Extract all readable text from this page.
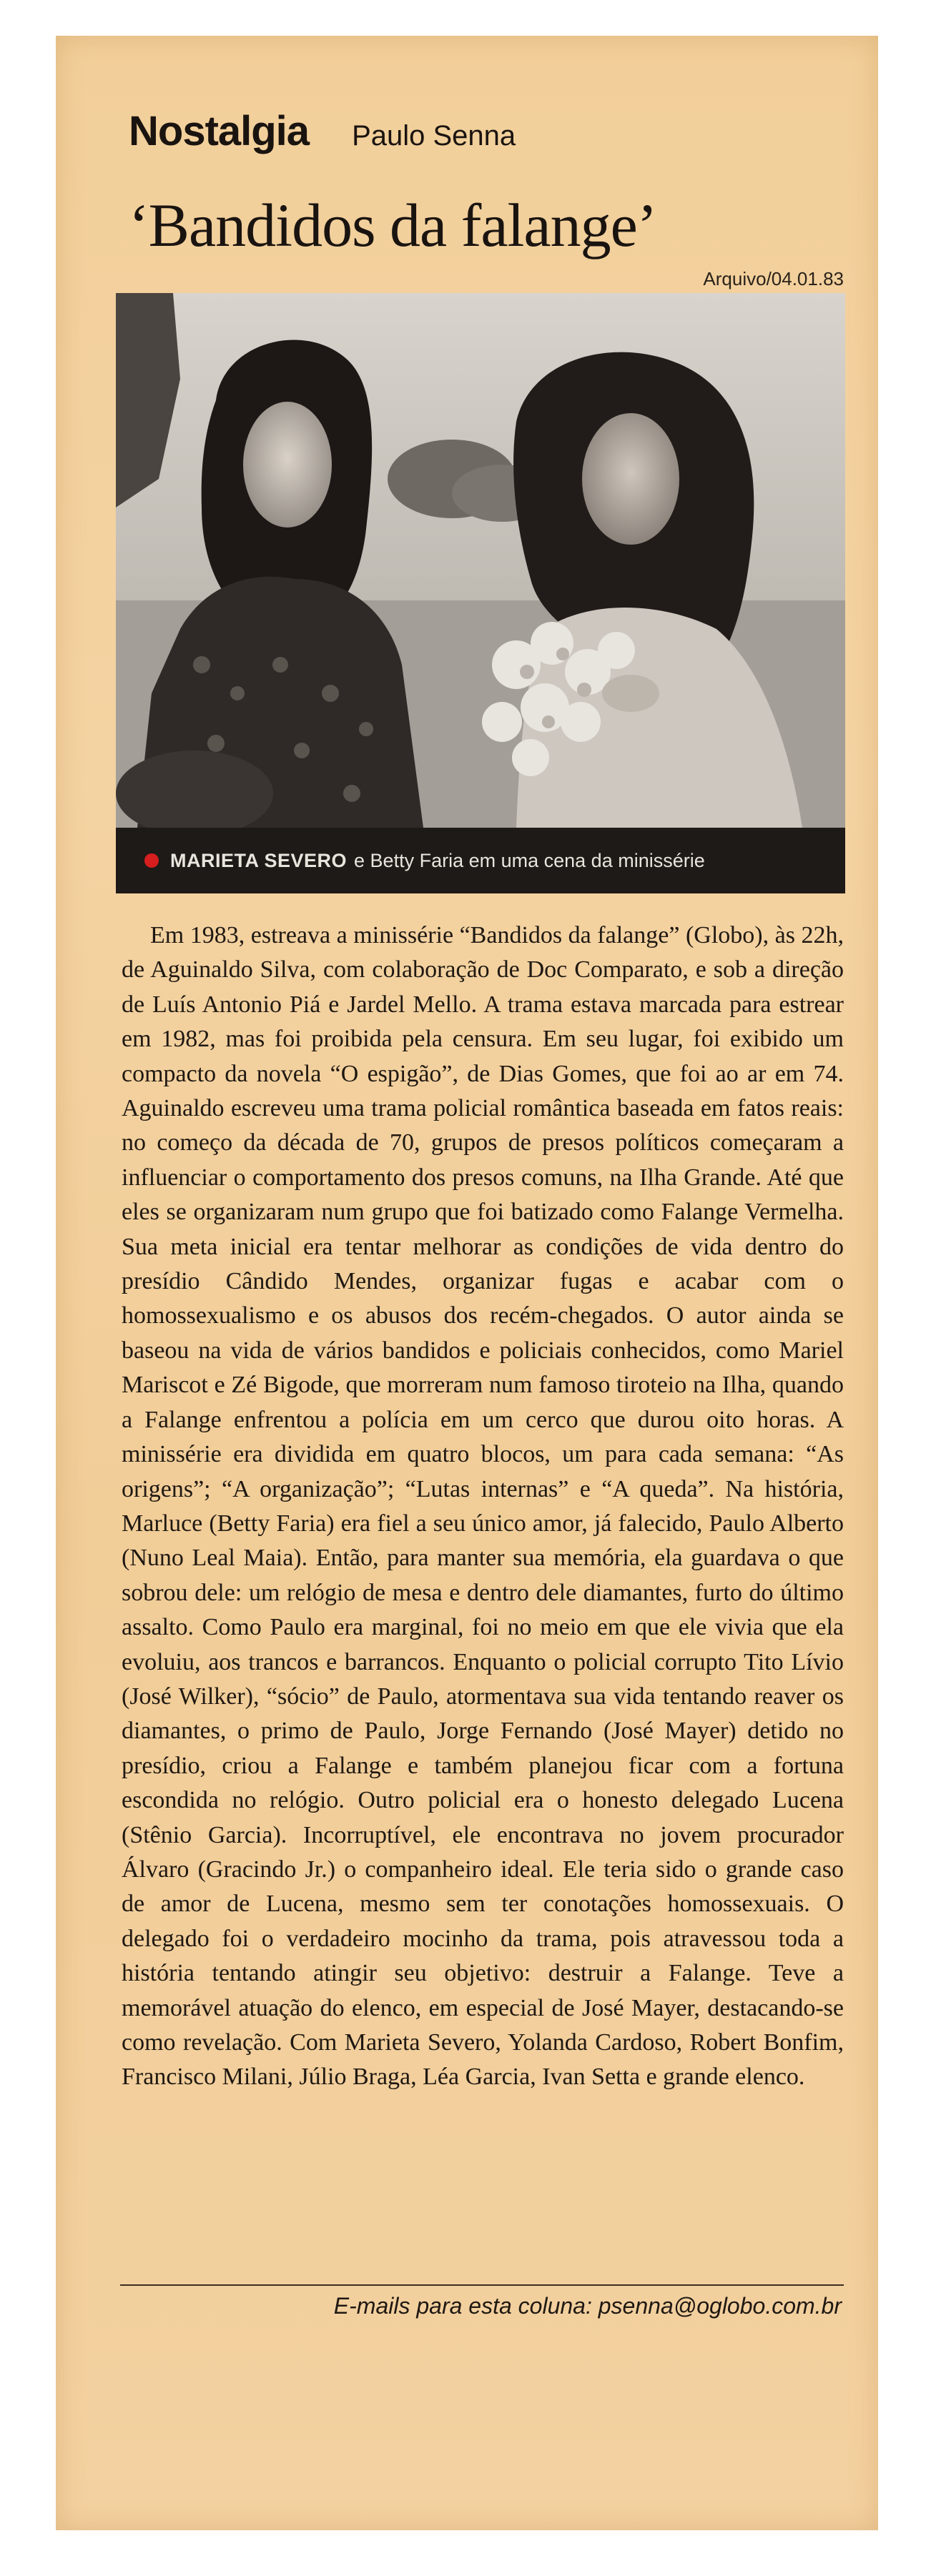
Nostalgia Paulo Senna
‘Bandidos da falange’
Arquivo/04.01.83
MARIETA SEVERO e Betty Faria em uma cena da minissérie
Em 1983, estreava a minissérie “Bandidos da falange” (Globo), às 22h, de Aguinaldo Silva, com colaboração de Doc Comparato, e sob a direção de Luís Antonio Piá e Jardel Mello. A trama estava marcada para estrear em 1982, mas foi proibida pela censura. Em seu lugar, foi exibido um compacto da novela “O espigão”, de Dias Gomes, que foi ao ar em 74. Aguinaldo escreveu uma trama policial romântica baseada em fatos reais: no começo da década de 70, grupos de presos políticos começaram a influenciar o comportamento dos presos comuns, na Ilha Grande. Até que eles se organizaram num grupo que foi batizado como Falange Vermelha. Sua meta inicial era tentar melhorar as condições de vida dentro do presídio Cândido Mendes, organizar fugas e acabar com o homossexualismo e os abusos dos recém-chegados. O autor ainda se baseou na vida de vários bandidos e policiais conhecidos, como Mariel Mariscot e Zé Bigode, que morreram num famoso tiroteio na Ilha, quando a Falange enfrentou a polícia em um cerco que durou oito horas. A minissérie era dividida em quatro blocos, um para cada semana: “As origens”; “A organização”; “Lutas internas” e “A queda”. Na história, Marluce (Betty Faria) era fiel a seu único amor, já falecido, Paulo Alberto (Nuno Leal Maia). Então, para manter sua memória, ela guardava o que sobrou dele: um relógio de mesa e dentro dele diamantes, furto do último assalto. Como Paulo era marginal, foi no meio em que ele vivia que ela evoluiu, aos trancos e barrancos. Enquanto o policial corrupto Tito Lívio (José Wilker), “sócio” de Paulo, atormentava sua vida tentando reaver os diamantes, o primo de Paulo, Jorge Fernando (José Mayer) detido no presídio, criou a Falange e também planejou ficar com a fortuna escondida no relógio. Outro policial era o honesto delegado Lucena (Stênio Garcia). Incorruptível, ele encontrava no jovem procurador Álvaro (Gracindo Jr.) o companheiro ideal. Ele teria sido o grande caso de amor de Lucena, mesmo sem ter conotações homossexuais. O delegado foi o verdadeiro mocinho da trama, pois atravessou toda a história tentando atingir seu objetivo: destruir a Falange. Teve a memorável atuação do elenco, em especial de José Mayer, destacando-se como revelação. Com Marieta Severo, Yolanda Cardoso, Robert Bonfim, Francisco Milani, Júlio Braga, Léa Garcia, Ivan Setta e grande elenco.
E-mails para esta coluna: psenna@oglobo.com.br
